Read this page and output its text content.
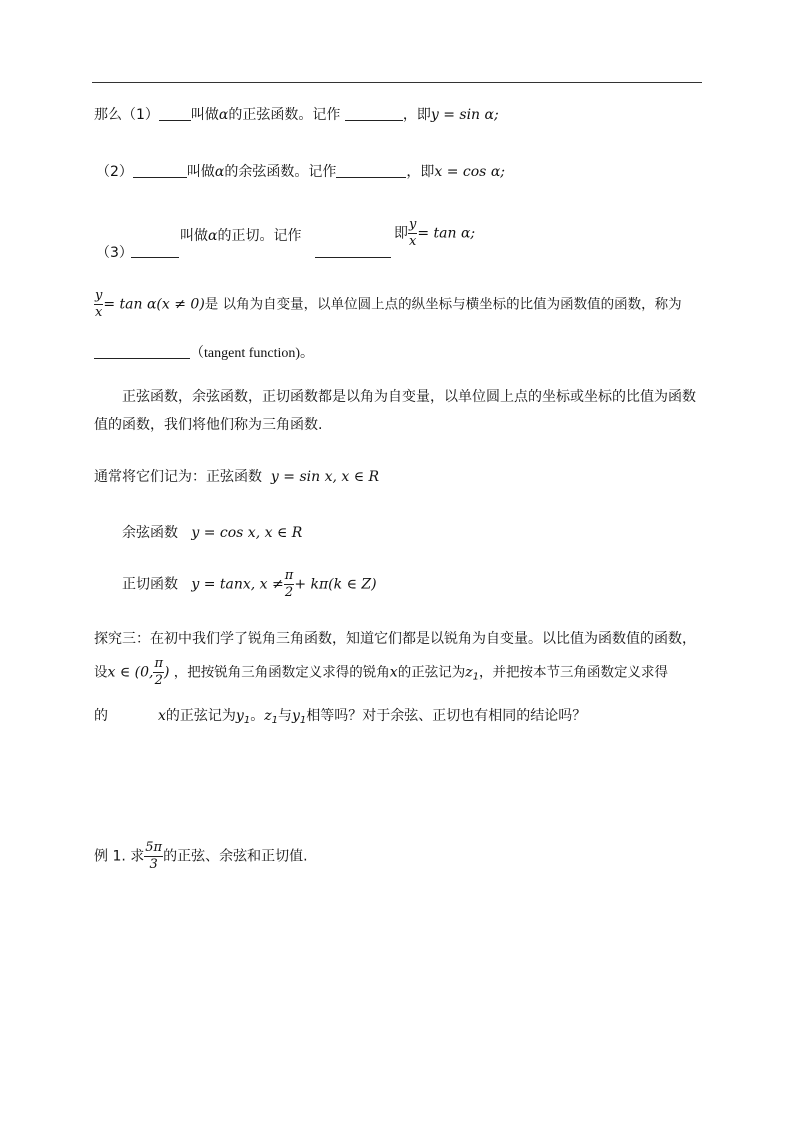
那么（1） 叫做α的正弦函数。记作	，即y = sin α;
（2）	叫做α的余弦函数。记作	，即x = cos α;
（3）
叫做α的正切。记作	即 $\frac{y}{x} = \tan \alpha$;
$\frac{y}{x} = \tan \alpha(x \ne 0)$是 以角为自变量，以单位圆上点的纵坐标与横坐标的比值为函数值的函数，称为
（tangent function)。
正弦函数，余弦函数，正切函数都是以角为自变量，以单位圆上点的坐标或坐标的比值为函数值的函数，我们将他们称为三角函数.
通常将它们记为：正弦函数 y = sin x, x ∈ R
余弦函数 y = cos x, x ∈ R
正切函数 y = tanx, $x \ne \frac{\pi}{2} + k\pi(k$ ∈ Z)
探究三：在初中我们学了锐角三角函数，知道它们都是以锐角为自变量。以比值为函数值的函数，
设x ∈ (0, $\frac{\pi}{2}$ ) ，把按锐角三角函数定义求得的锐角x的正弦记为$z_1$，并把按本节三角函数定义求得
的	x的正弦记为$y_1$。$z_1$与$y_1$相等吗？对于余弦、正切也有相同的结论吗？
例 1. 求 $\frac{5\pi}{3}$ 的正弦、余弦和正切值.
